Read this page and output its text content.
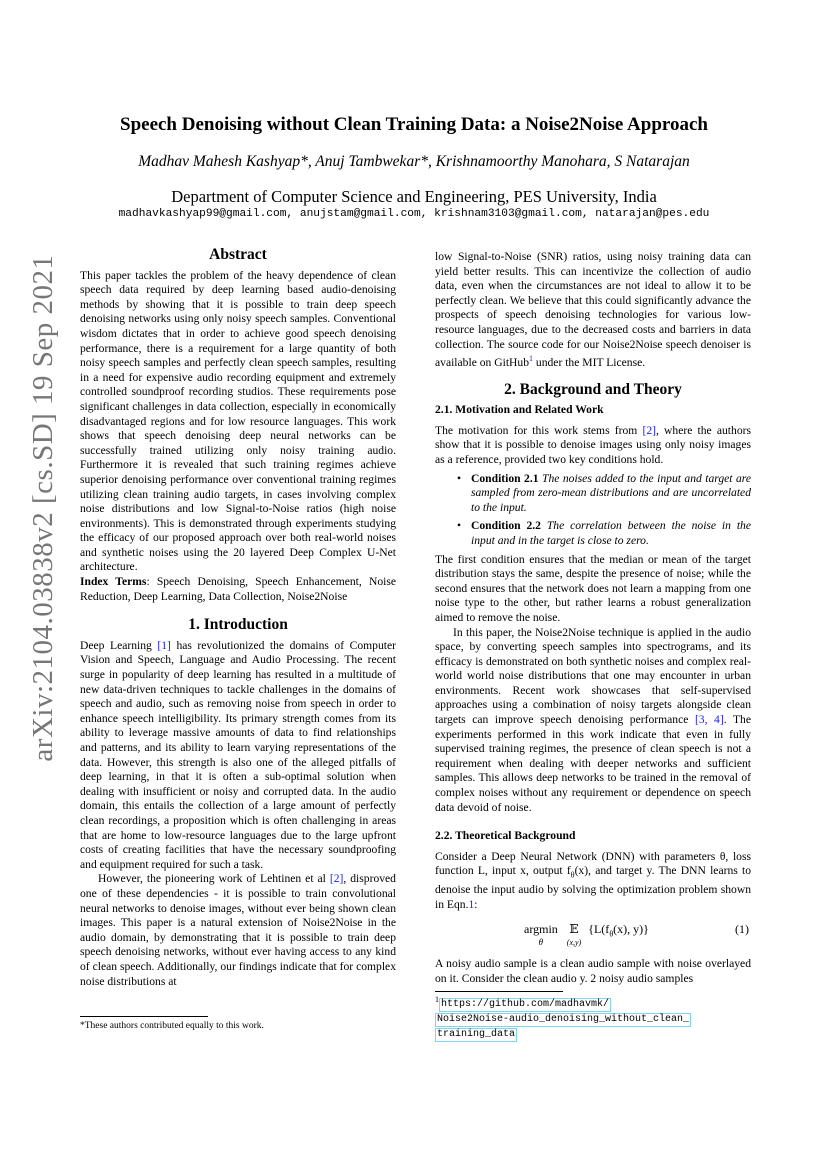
arXiv:2104.03838v2 [cs.SD] 19 Sep 2021
Speech Denoising without Clean Training Data: a Noise2Noise Approach
Madhav Mahesh Kashyap*, Anuj Tambwekar*, Krishnamoorthy Manohara, S Natarajan
Department of Computer Science and Engineering, PES University, India
madhavkashyap99@gmail.com, anujstam@gmail.com, krishnam3103@gmail.com, natarajan@pes.edu

Abstract

This paper tackles the problem of the heavy dependence of clean speech data required by deep learning based audio-denoising methods by showing that it is possible to train deep speech denoising networks using only noisy speech samples. Conventional wisdom dictates that in order to achieve good speech denoising performance, there is a requirement for a large quantity of both noisy speech samples and perfectly clean speech samples, resulting in a need for expensive audio recording equipment and extremely controlled soundproof recording studios. These requirements pose significant challenges in data collection, especially in economically disadvantaged regions and for low resource languages. This work shows that speech denoising deep neural networks can be successfully trained utilizing only noisy training audio. Furthermore it is revealed that such training regimes achieve superior denoising performance over conventional training regimes utilizing clean training audio targets, in cases involving complex noise distributions and low Signal-to-Noise ratios (high noise environments). This is demonstrated through experiments studying the efficacy of our proposed approach over both real-world noises and synthetic noises using the 20 layered Deep Complex U-Net architecture.

Index Terms: Speech Denoising, Speech Enhancement, Noise Reduction, Deep Learning, Data Collection, Noise2Noise

1. Introduction

Deep Learning [1] has revolutionized the domains of Computer Vision and Speech, Language and Audio Processing. The recent surge in popularity of deep learning has resulted in a multitude of new data-driven techniques to tackle challenges in the domains of speech and audio, such as removing noise from speech in order to enhance speech intelligibility. Its primary strength comes from its ability to leverage massive amounts of data to find relationships and patterns, and its ability to learn varying representations of the data. However, this strength is also one of the alleged pitfalls of deep learning, in that it is often a sub-optimal solution when dealing with insufficient or noisy and corrupted data. In the audio domain, this entails the collection of a large amount of perfectly clean recordings, a proposition which is often challenging in areas that are home to low-resource languages due to the large upfront costs of creating facilities that have the necessary soundproofing and equipment required for such a task.

However, the pioneering work of Lehtinen et al [2], disproved one of these dependencies - it is possible to train convolutional neural networks to denoise images, without ever being shown clean images. This paper is a natural extension of Noise2Noise in the audio domain, by demonstrating that it is possible to train deep speech denoising networks, without ever having access to any kind of clean speech. Additionally, our findings indicate that for complex noise distributions at

*These authors contributed equally to this work.

low Signal-to-Noise (SNR) ratios, using noisy training data can yield better results. This can incentivize the collection of audio data, even when the circumstances are not ideal to allow it to be perfectly clean. We believe that this could significantly advance the prospects of speech denoising technologies for various low-resource languages, due to the decreased costs and barriers in data collection. The source code for our Noise2Noise speech denoiser is available on GitHub$^1$ under the MIT License.

2. Background and Theory

2.1. Motivation and Related Work

The motivation for this work stems from [2], where the authors show that it is possible to denoise images using only noisy images as a reference, provided two key conditions hold.

• Condition 2.1 The noises added to the input and target are sampled from zero-mean distributions and are uncorrelated to the input.
• Condition 2.2 The correlation between the noise in the input and in the target is close to zero.

The first condition ensures that the median or mean of the target distribution stays the same, despite the presence of noise; while the second ensures that the network does not learn a mapping from one noise type to the other, but rather learns a robust generalization aimed to remove the noise.

In this paper, the Noise2Noise technique is applied in the audio space, by converting speech samples into spectrograms, and its efficacy is demonstrated on both synthetic noises and complex real-world world noise distributions that one may encounter in urban environments. Recent work showcases that self-supervised approaches using a combination of noisy targets alongside clean targets can improve speech denoising performance [3, 4]. The experiments performed in this work indicate that even in fully supervised training regimes, the presence of clean speech is not a requirement when dealing with deeper networks and sufficient samples. This allows deep networks to be trained in the removal of complex noises without any requirement or dependence on speech data devoid of noise.

2.2. Theoretical Background

Consider a Deep Neural Network (DNN) with parameters θ, loss function L, input x, output $f_\theta(x)$, and target y. The DNN learns to denoise the input audio by solving the optimization problem shown in Eqn.1:

argmin
$^\theta$ 𝔼
$^{(x,y)}$ {$L(f_\theta(x)$, y)}	(1)

A noisy audio sample is a clean audio sample with noise overlayed on it. Consider the clean audio y. 2 noisy audio samples

$^1$ https://github.com/madhavmk/
Noise2Noise-audio_denoising_without_clean_
training_data
